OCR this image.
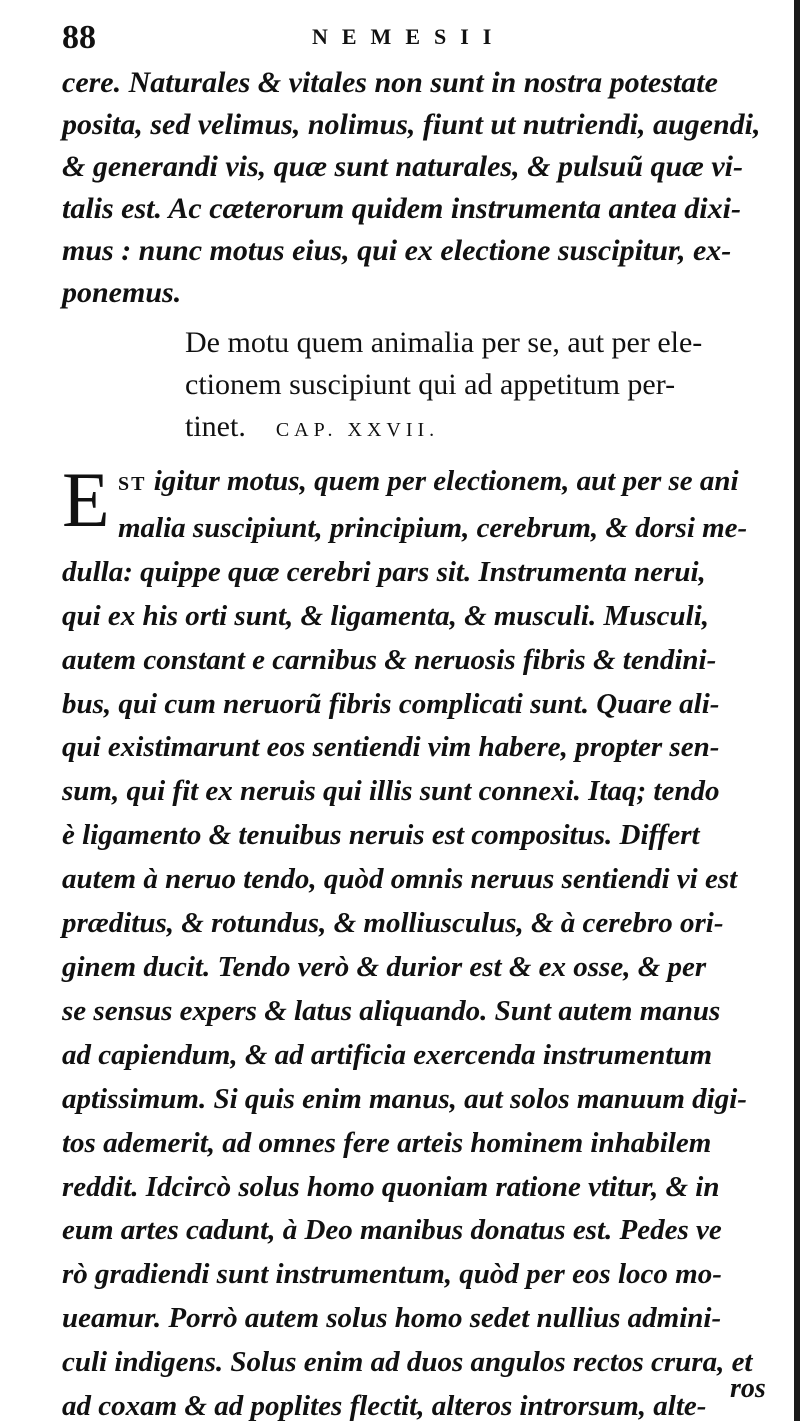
88	NEMESII
cere. Naturales & vitales non sunt in nostra potestate
posita, sed velimus, nolimus, fiunt ut nutriendi, augendi,
& generandi vis, quæ sunt naturales, & pulsuũ quæ vi-
talis est. Ac cæterorum quidem instrumenta antea dixi-
mus : nunc motus eius, qui ex electione suscipitur, ex-
ponemus.
De motu quem animalia per se, aut per ele-
ctionem suscipiunt qui ad appetitum per-
tinet. CAP. XXVII.
E ST igitur motus, quem per electionem, aut per se ani
malia suscipiunt, principium, cerebrum, & dorsi me-
dulla: quippe quæ cerebri pars sit. Instrumenta nerui,
qui ex his orti sunt, & ligamenta, & musculi. Musculi,
autem constant e carnibus & neruosis fibris & tendini-
bus, qui cum neruorũ fibris complicati sunt. Quare ali-
qui existimarunt eos sentiendi vim habere, propter sen-
sum, qui fit ex neruis qui illis sunt connexi. Itaq; tendo
è ligamento & tenuibus neruis est compositus. Differt
autem à neruo tendo, quòd omnis neruus sentiendi vi est
præditus, & rotundus, & molliusculus, & à cerebro ori-
ginem ducit. Tendo verò & durior est & ex osse, & per
se sensus expers & latus aliquando. Sunt autem manus
ad capiendum, & ad artificia exercenda instrumentum
aptissimum. Si quis enim manus, aut solos manuum digi-
tos ademerit, ad omnes fere arteis hominem inhabilem
reddit. Idcircò solus homo quoniam ratione vtitur, & in
eum artes cadunt, à Deo manibus donatus est. Pedes ve
rò gradiendi sunt instrumentum, quòd per eos loco mo-
ueamur. Porrò autem solus homo sedet nullius admini-
culi indigens. Solus enim ad duos angulos rectos crura, et
ad coxam & ad poplites flectit, alteros introrsum, alte-
ros
